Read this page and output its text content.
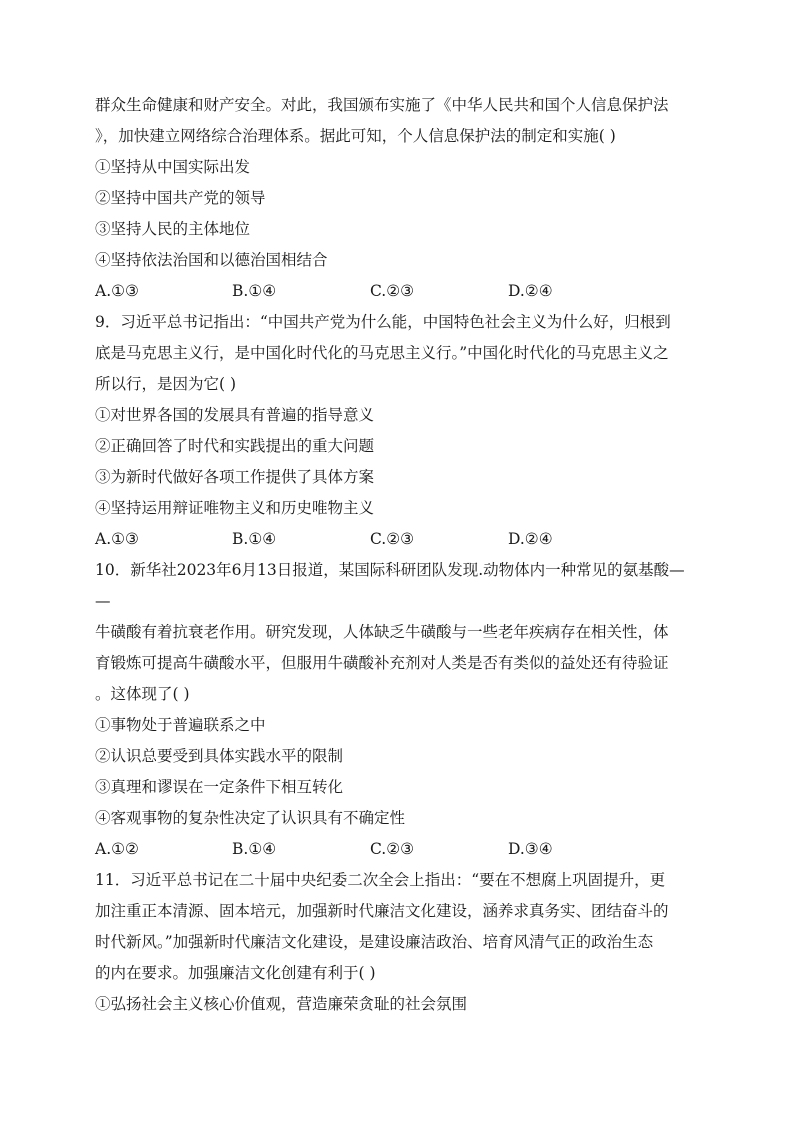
群众生命健康和财产安全。对此，我国颁布实施了《中华人民共和国个人信息保护法
》，加快建立网络综合治理体系。据此可知，个人信息保护法的制定和实施( )
①坚持从中国实际出发
②坚持中国共产党的领导
③坚持人民的主体地位
④坚持依法治国和以德治国相结合
A.①③	B.①④	C.②③	D.②④
9．习近平总书记指出：“中国共产党为什么能，中国特色社会主义为什么好，归根到
底是马克思主义行，是中国化时代化的马克思主义行。”中国化时代化的马克思主义之
所以行，是因为它( )
①对世界各国的发展具有普遍的指导意义
②正确回答了时代和实践提出的重大问题
③为新时代做好各项工作提供了具体方案
④坚持运用辩证唯物主义和历史唯物主义
A.①③	B.①④	C.②③	D.②④
10．新华社2023年6月13日报道，某国际科研团队发现.动物体内一种常见的氨基酸—
—
牛磺酸有着抗衰老作用。研究发现，人体缺乏牛磺酸与一些老年疾病存在相关性，体
育锻炼可提高牛磺酸水平，但服用牛磺酸补充剂对人类是否有类似的益处还有待验证
。这体现了( )
①事物处于普遍联系之中
②认识总要受到具体实践水平的限制
③真理和谬误在一定条件下相互转化
④客观事物的复杂性决定了认识具有不确定性
A.①②	B.①④	C.②③	D.③④
11．习近平总书记在二十届中央纪委二次全会上指出：“要在不想腐上巩固提升，更
加注重正本清源、固本培元，加强新时代廉洁文化建设，涵养求真务实、团结奋斗的
时代新风。”加强新时代廉洁文化建设，是建设廉洁政治、培育风清气正的政治生态
的内在要求。加强廉洁文化创建有利于( )
①弘扬社会主义核心价值观，营造廉荣贪耻的社会氛围
